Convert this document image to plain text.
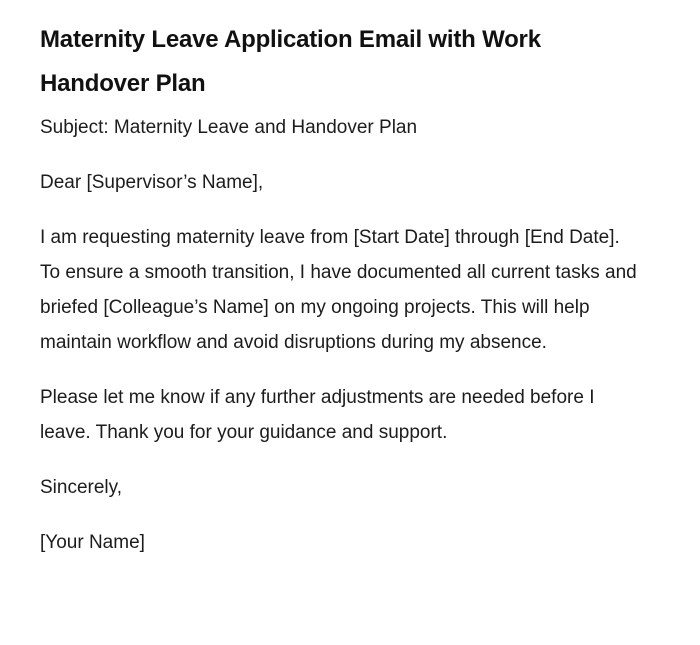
Maternity Leave Application Email with Work Handover Plan

Subject: Maternity Leave and Handover Plan

Dear [Supervisor’s Name],

I am requesting maternity leave from [Start Date] through [End Date]. To ensure a smooth transition, I have documented all current tasks and briefed [Colleague’s Name] on my ongoing projects. This will help maintain workflow and avoid disruptions during my absence.

Please let me know if any further adjustments are needed before I leave. Thank you for your guidance and support.

Sincerely,

[Your Name]
